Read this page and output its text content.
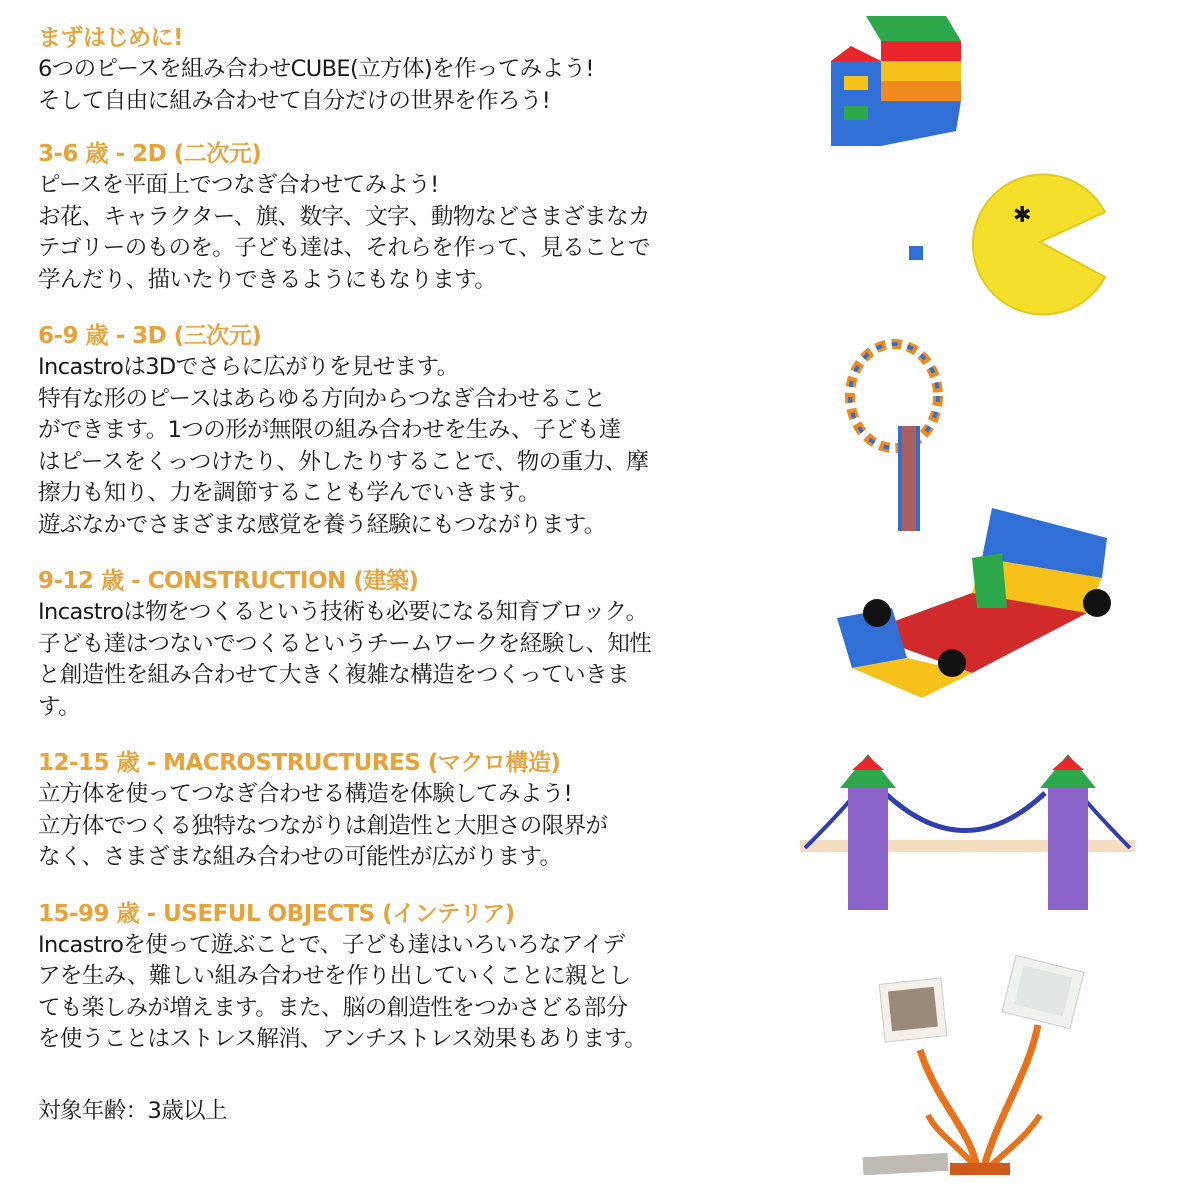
まずはじめに!
6つのピースを組み合わせCUBE(立方体)を作ってみよう!
そして自由に組み合わせて自分だけの世界を作ろう!
3-6 歳 - 2D (二次元)
ピースを平面上でつなぎ合わせてみよう!
お花、キャラクター、旗、数字、文字、動物などさまざまなカ
テゴリーのものを。子ども達は、それらを作って、見ることで
学んだり、描いたりできるようにもなります。
6-9 歳 - 3D (三次元)
Incastroは3Dでさらに広がりを見せます。
特有な形のピースはあらゆる方向からつなぎ合わせること
ができます。1つの形が無限の組み合わせを生み、子ども達
はピースをくっつけたり、外したりすることで、物の重力、摩
擦力も知り、力を調節することも学んでいきます。
遊ぶなかでさまざまな感覚を養う経験にもつながります。
9-12 歳 - CONSTRUCTION (建築)
Incastroは物をつくるという技術も必要になる知育ブロック。
子ども達はつないでつくるというチームワークを経験し、知性
と創造性を組み合わせて大きく複雑な構造をつくっていきま
す。
12-15 歳 - MACROSTRUCTURES (マクロ構造)
立方体を使ってつなぎ合わせる構造を体験してみよう!
立方体でつくる独特なつながりは創造性と大胆さの限界が
なく、さまざまな組み合わせの可能性が広がります。
15-99 歳 - USEFUL OBJECTS (インテリア)
Incastroを使って遊ぶことで、子ども達はいろいろなアイデ
アを生み、難しい組み合わせを作り出していくことに親とし
ても楽しみが増えます。また、脳の創造性をつかさどる部分
を使うことはストレス解消、アンチストレス効果もあります。
対象年齢：3歳以上
✱
